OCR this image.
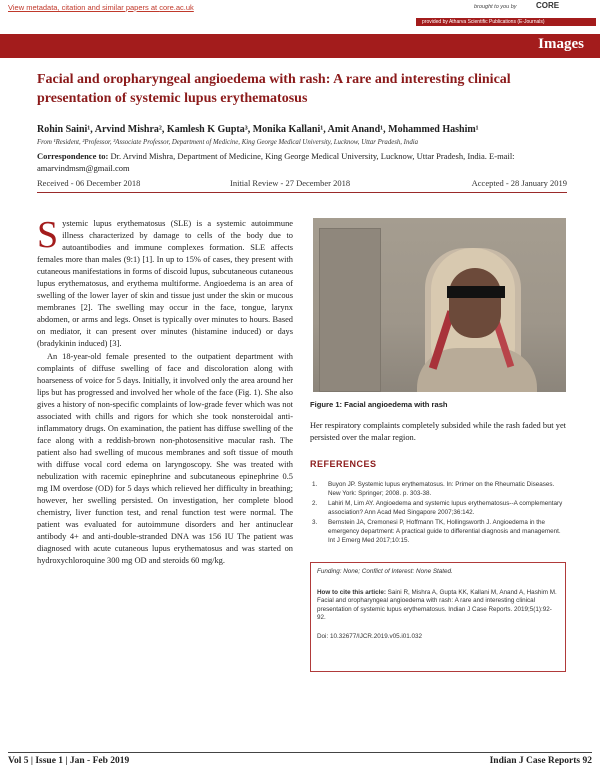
View metadata, citation and similar papers at core.ac.uk	brought to you by CORE
provided by Atharva Scientific Publications (E-Journals)
Images
Facial and oropharyngeal angioedema with rash: A rare and interesting clinical presentation of systemic lupus erythematosus
Rohin Saini¹, Arvind Mishra², Kamlesh K Gupta³, Monika Kallani¹, Amit Anand¹, Mohammed Hashim¹
From ¹Resident, ²Professor, ³Associate Professor, Department of Medicine, King George Medical University, Lucknow, Uttar Pradesh, India
Correspondence to: Dr. Arvind Mishra, Department of Medicine, King George Medical University, Lucknow, Uttar Pradesh, India. E-mail: amarvindmsm@gmail.com
Received - 06 December 2018	Initial Review - 27 December 2018	Accepted - 28 January 2019

Systemic lupus erythematosus (SLE) is a systemic autoimmune illness characterized by damage to cells of the body due to autoantibodies and immune complexes formation. SLE affects females more than males (9:1) [1]. In up to 15% of cases, they present with cutaneous manifestations in forms of discoid lupus, subcutaneous cutaneous lupus erythematosus, and erythema multiforme. Angioedema is an area of swelling of the lower layer of skin and tissue just under the skin or mucous membranes [2]. The swelling may occur in the face, tongue, larynx abdomen, or arms and legs. Onset is typically over minutes to hours. Based on mediator, it can present over minutes (histamine induced) or days (bradykinin induced) [3].

An 18-year-old female presented to the outpatient department with complaints of diffuse swelling of face and discoloration along with hoarseness of voice for 5 days. Initially, it involved only the area around her lips but has progressed and involved her whole of the face (Fig. 1). She also gives a history of non-specific complaints of low-grade fever which was not associated with chills and rigors for which she took nonsteroidal anti-inflammatory drugs. On examination, the patient has diffuse swelling of the face along with a reddish-brown non-photosensitive macular rash. The patient also had swelling of mucous membranes and soft tissue of mouth with diffuse vocal cord edema on laryngoscopy. She was treated with nebulization with racemic epinephrine and subcutaneous epinephrine 0.5 mg IM overdose (OD) for 5 days which relieved her difficulty in breathing; however, her swelling persisted. On investigation, her complete blood chemistry, liver function test, and renal function test were normal. The patient was evaluated for autoimmune disorders and her antinuclear antibody 4+ and anti-double-stranded DNA was 156 IU The patient was diagnosed with acute cutaneous lupus erythematosus and was started on hydroxychloroquine 300 mg OD and steroids 60 mg/kg.

Figure 1: Facial angioedema with rash

Her respiratory complaints completely subsided while the rash faded but yet persisted over the malar region.

REFERENCES
1. Buyon JP. Systemic lupus erythematosus. In: Primer on the Rheumatic Diseases. New York: Springer; 2008. p. 303-38.
2. Lahiri M, Lim AY. Angioedema and systemic lupus erythematosus--A complementary association? Ann Acad Med Singapore 2007;36:142.
3. Bernstein JA, Cremonesi P, Hoffmann TK, Hollingsworth J. Angioedema in the emergency department: A practical guide to differential diagnosis and management. Int J Emerg Med 2017;10:15.
Funding: None; Conflict of Interest: None Stated.
How to cite this article: Saini R, Mishra A, Gupta KK, Kallani M, Anand A, Hashim M. Facial and oropharyngeal angioedema with rash: A rare and interesting clinical presentation of systemic lupus erythematosus. Indian J Case Reports. 2019;5(1):92-92.
Doi: 10.32677/IJCR.2019.v05.i01.032
Vol 5 | Issue 1 | Jan - Feb 2019	Indian J Case Reports 92
